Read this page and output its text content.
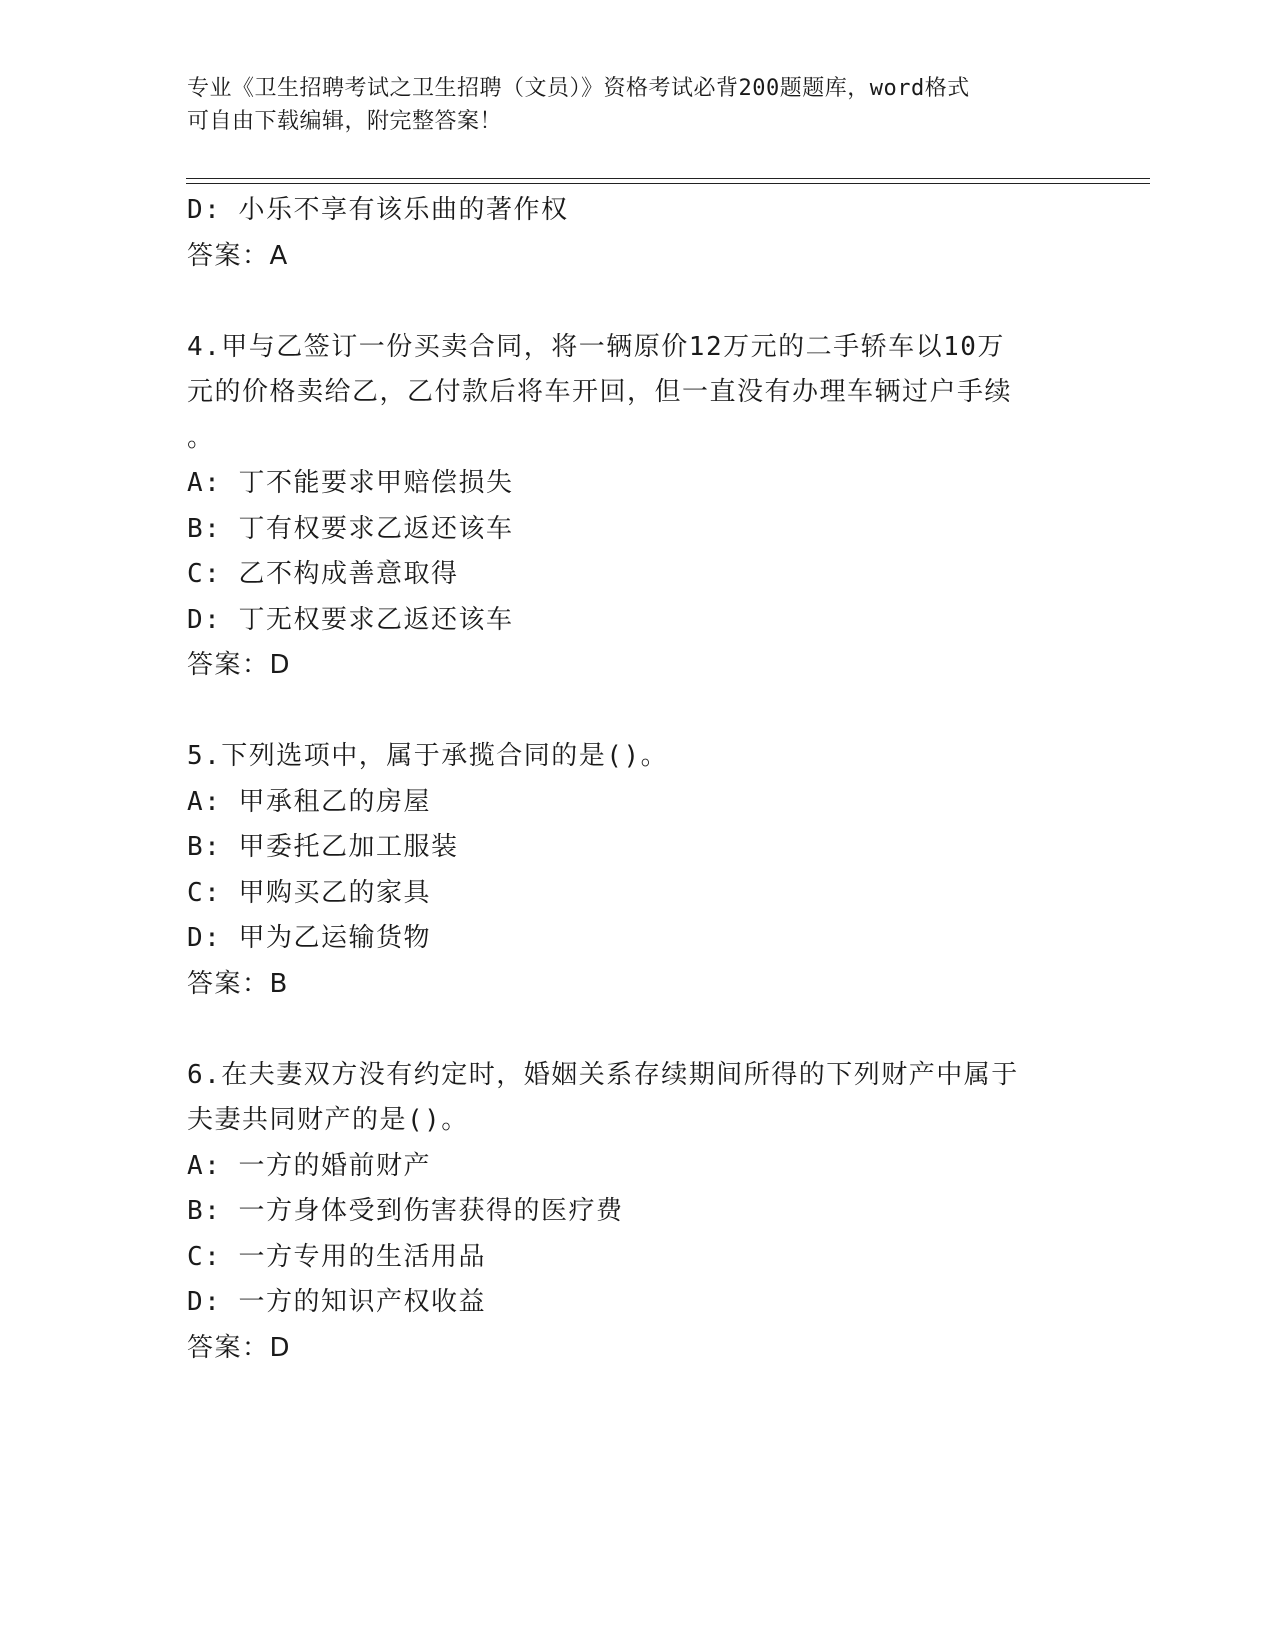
专业《卫生招聘考试之卫生招聘（文员）》资格考试必背200题题库，word格式
可自由下载编辑，附完整答案！
D: 小乐不享有该乐曲的著作权
答案：A
4.甲与乙签订一份买卖合同，将一辆原价12万元的二手轿车以10万
元的价格卖给乙，乙付款后将车开回，但一直没有办理车辆过户手续
。
A: 丁不能要求甲赔偿损失
B: 丁有权要求乙返还该车
C: 乙不构成善意取得
D: 丁无权要求乙返还该车
答案：D
5.下列选项中，属于承揽合同的是()。
A: 甲承租乙的房屋
B: 甲委托乙加工服装
C: 甲购买乙的家具
D: 甲为乙运输货物
答案：B
6.在夫妻双方没有约定时，婚姻关系存续期间所得的下列财产中属于
夫妻共同财产的是()。
A: 一方的婚前财产
B: 一方身体受到伤害获得的医疗费
C: 一方专用的生活用品
D: 一方的知识产权收益
答案：D
